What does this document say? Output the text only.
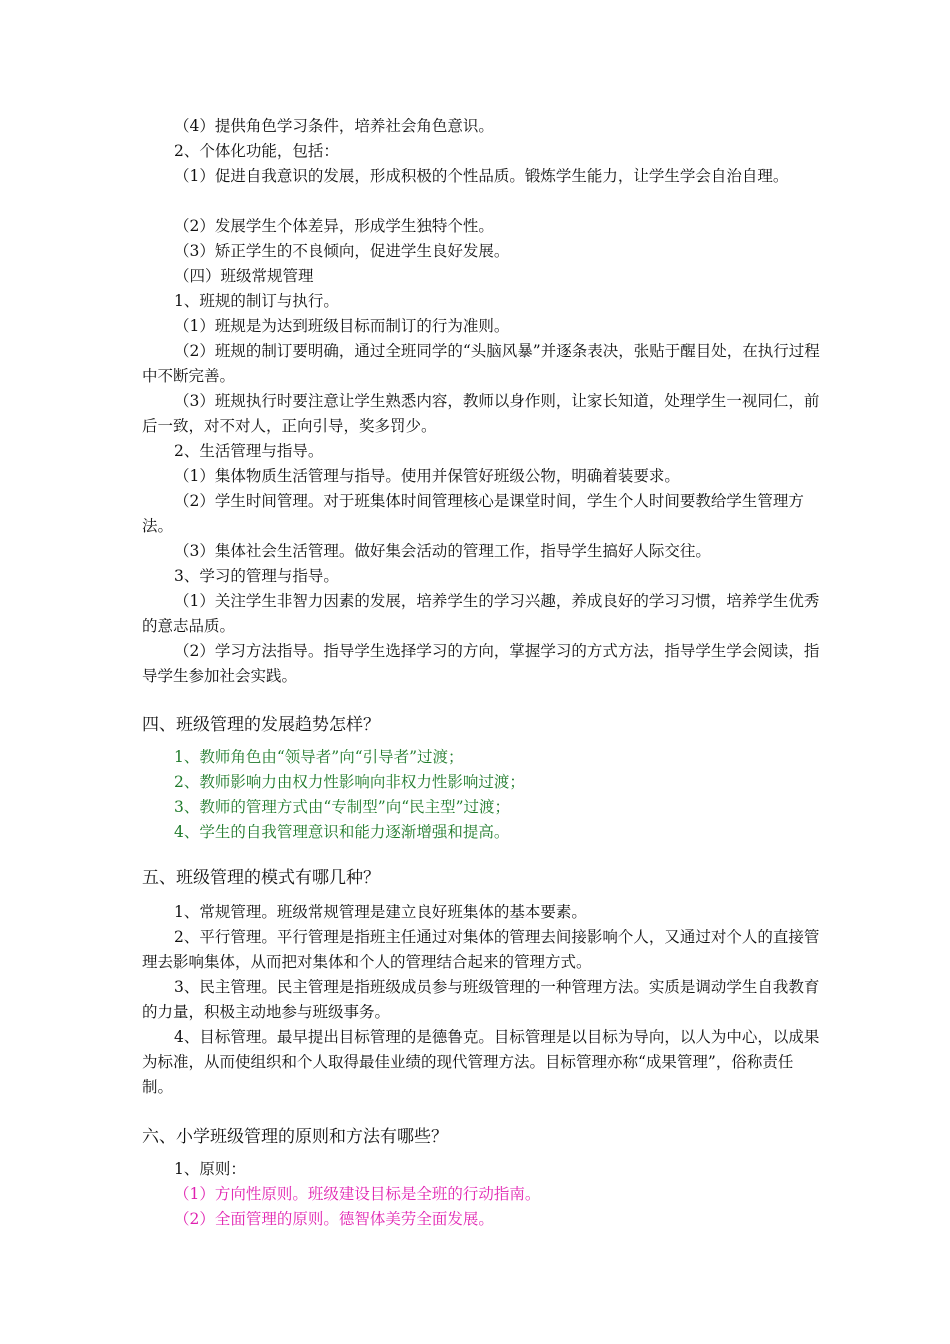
（4）提供角色学习条件，培养社会角色意识。
2、个体化功能，包括：
（1）促进自我意识的发展，形成积极的个性品质。锻炼学生能力，让学生学会自治自理。
（2）发展学生个体差异，形成学生独特个性。
（3）矫正学生的不良倾向，促进学生良好发展。
（四）班级常规管理
1、班规的制订与执行。
（1）班规是为达到班级目标而制订的行为准则。
（2）班规的制订要明确，通过全班同学的“头脑风暴”并逐条表决，张贴于醒目处，在执行过程中不断完善。
（3）班规执行时要注意让学生熟悉内容，教师以身作则，让家长知道，处理学生一视同仁，前后一致，对不对人，正向引导，奖多罚少。
2、生活管理与指导。
（1）集体物质生活管理与指导。使用并保管好班级公物，明确着装要求。
（2）学生时间管理。对于班集体时间管理核心是课堂时间，学生个人时间要教给学生管理方法。
（3）集体社会生活管理。做好集会活动的管理工作，指导学生搞好人际交往。
3、学习的管理与指导。
（1）关注学生非智力因素的发展，培养学生的学习兴趣，养成良好的学习习惯，培养学生优秀的意志品质。
（2）学习方法指导。指导学生选择学习的方向，掌握学习的方式方法，指导学生学会阅读，指导学生参加社会实践。
四、班级管理的发展趋势怎样？
1、教师角色由“领导者”向“引导者”过渡；
2、教师影响力由权力性影响向非权力性影响过渡；
3、教师的管理方式由“专制型”向“民主型”过渡；
4、学生的自我管理意识和能力逐渐增强和提高。
五、班级管理的模式有哪几种？
1、常规管理。班级常规管理是建立良好班集体的基本要素。
2、平行管理。平行管理是指班主任通过对集体的管理去间接影响个人，又通过对个人的直接管理去影响集体，从而把对集体和个人的管理结合起来的管理方式。
3、民主管理。民主管理是指班级成员参与班级管理的一种管理方法。实质是调动学生自我教育的力量，积极主动地参与班级事务。
4、目标管理。最早提出目标管理的是德鲁克。目标管理是以目标为导向，以人为中心，以成果为标准，从而使组织和个人取得最佳业绩的现代管理方法。目标管理亦称“成果管理”，俗称责任制。
六、小学班级管理的原则和方法有哪些？
1、原则：
（1）方向性原则。班级建设目标是全班的行动指南。
（2）全面管理的原则。德智体美劳全面发展。
